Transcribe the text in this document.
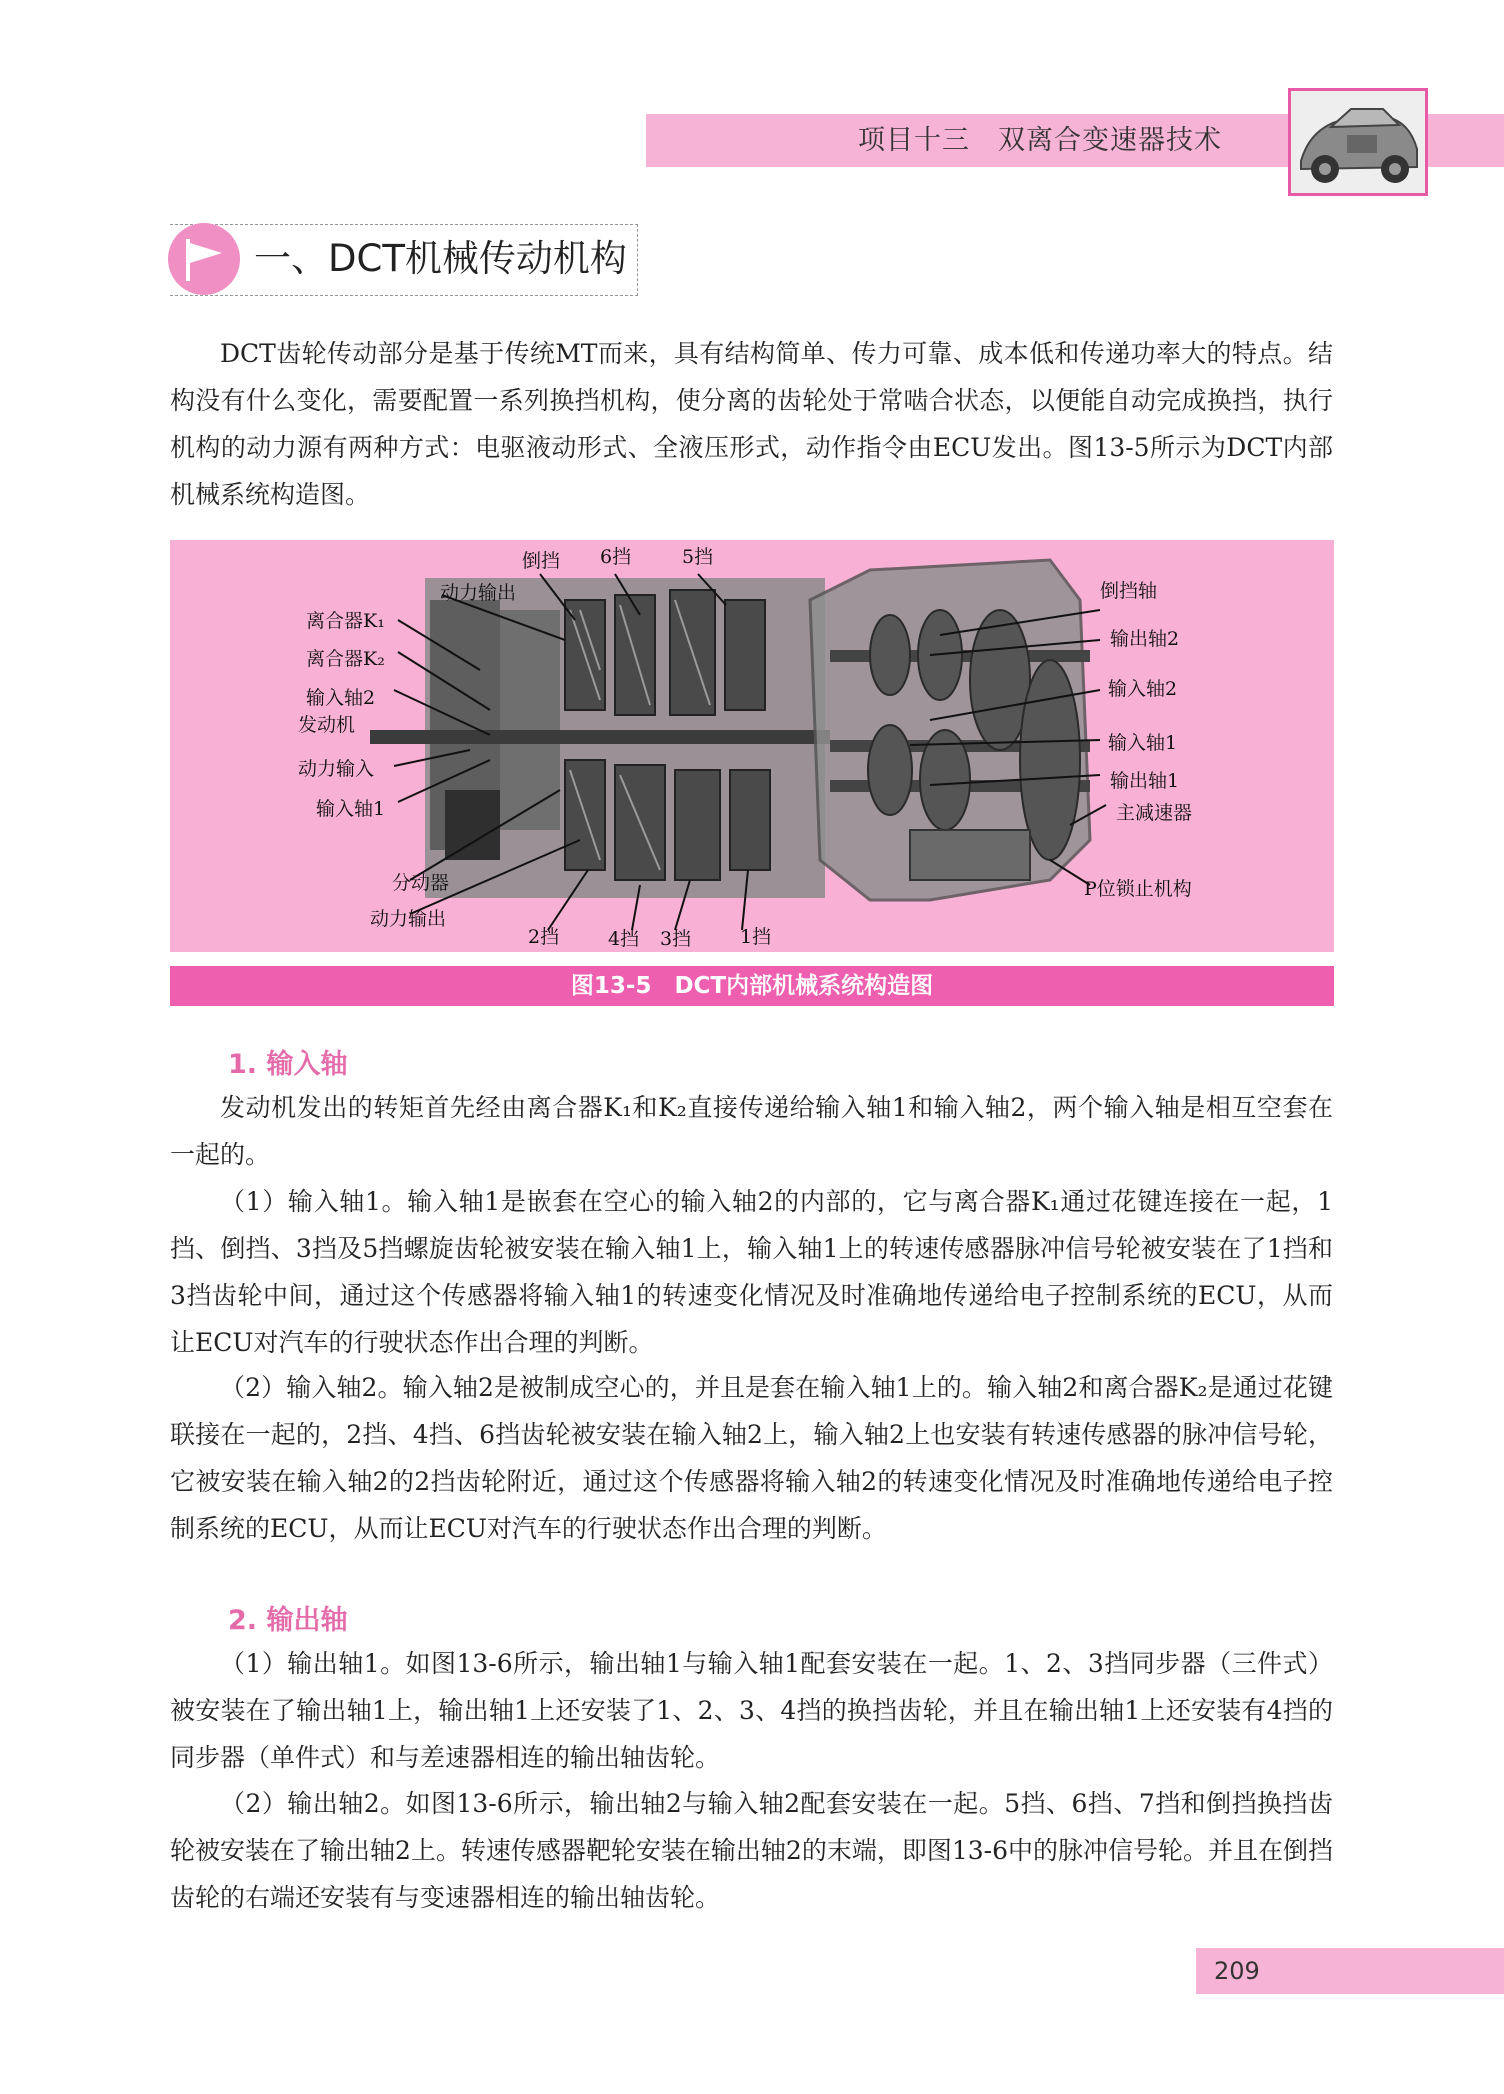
项目十三　双离合变速器技术
一、DCT机械传动机构
DCT齿轮传动部分是基于传统MT而来，具有结构简单、传力可靠、成本低和传递功率大的特点。结构没有什么变化，需要配置一系列换挡机构，使分离的齿轮处于常啮合状态，以便能自动完成换挡，执行机构的动力源有两种方式：电驱液动形式、全液压形式，动作指令由ECU发出。图13-5所示为DCT内部机械系统构造图。
倒挡 6挡	5挡
动力输出
离合器K₁
离合器K₂
输入轴2
发动机
动力输入
输入轴1
分动器
动力输出
2挡	4挡 3挡	1挡
倒挡轴
输出轴2
输入轴2
输入轴1
输出轴1
主减速器
P位锁止机构
图13-5　DCT内部机械系统构造图
1. 输入轴
发动机发出的转矩首先经由离合器K₁和K₂直接传递给输入轴1和输入轴2，两个输入轴是相互空套在一起的。
（1）输入轴1。输入轴1是嵌套在空心的输入轴2的内部的，它与离合器K₁通过花键连接在一起，1挡、倒挡、3挡及5挡螺旋齿轮被安装在输入轴1上，输入轴1上的转速传感器脉冲信号轮被安装在了1挡和3挡齿轮中间，通过这个传感器将输入轴1的转速变化情况及时准确地传递给电子控制系统的ECU，从而让ECU对汽车的行驶状态作出合理的判断。
（2）输入轴2。输入轴2是被制成空心的，并且是套在输入轴1上的。输入轴2和离合器K₂是通过花键联接在一起的，2挡、4挡、6挡齿轮被安装在输入轴2上，输入轴2上也安装有转速传感器的脉冲信号轮，它被安装在输入轴2的2挡齿轮附近，通过这个传感器将输入轴2的转速变化情况及时准确地传递给电子控制系统的ECU，从而让ECU对汽车的行驶状态作出合理的判断。
2. 输出轴
（1）输出轴1。如图13-6所示，输出轴1与输入轴1配套安装在一起。1、2、3挡同步器（三件式）被安装在了输出轴1上，输出轴1上还安装了1、2、3、4挡的换挡齿轮，并且在输出轴1上还安装有4挡的同步器（单件式）和与差速器相连的输出轴齿轮。
（2）输出轴2。如图13-6所示，输出轴2与输入轴2配套安装在一起。5挡、6挡、7挡和倒挡换挡齿轮被安装在了输出轴2上。转速传感器靶轮安装在输出轴2的末端，即图13-6中的脉冲信号轮。并且在倒挡齿轮的右端还安装有与变速器相连的输出轴齿轮。
209
